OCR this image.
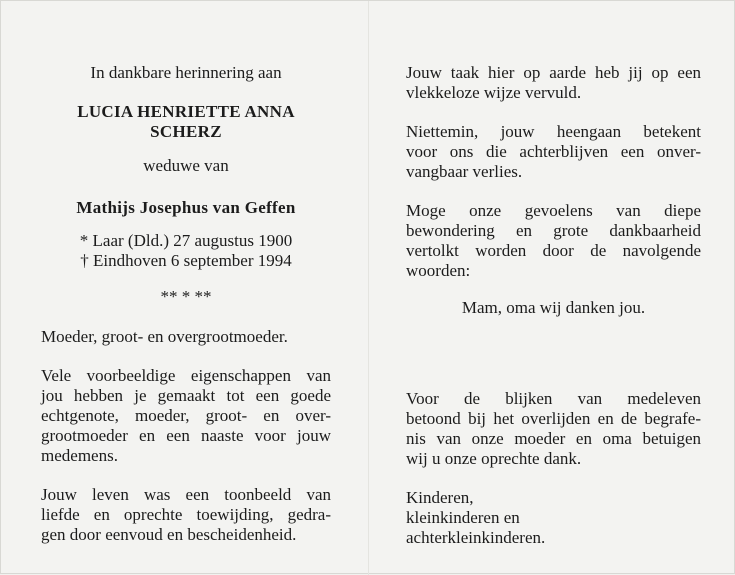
In dankbare herinnering aan

LUCIA HENRIETTE ANNA
SCHERZ

weduwe van

Mathijs Josephus van Geffen

* Laar (Dld.) 27 augustus 1900
† Eindhoven 6 september 1994

** * **

Moeder, groot- en overgrootmoeder.

Vele voorbeeldige eigenschappen van
jou hebben je gemaakt tot een goede
echtgenote, moeder, groot- en over-
grootmoeder en een naaste voor jouw
medemens.
Jouw leven was een toonbeeld van
liefde en oprechte toewijding, gedra-
gen door eenvoud en bescheidenheid.
Jouw taak hier op aarde heb jij op een
vlekkeloze wijze vervuld.
Niettemin, jouw heengaan betekent
voor ons die achterblijven een onver-
vangbaar verlies.
Moge onze gevoelens van diepe
bewondering en grote dankbaarheid
vertolkt worden door de navolgende
woorden:

Mam, oma wij danken jou.

Voor de blijken van medeleven
betoond bij het overlijden en de begrafe-
nis van onze moeder en oma betuigen
wij u onze oprechte dank.
Kinderen,
kleinkinderen en
achterkleinkinderen.
